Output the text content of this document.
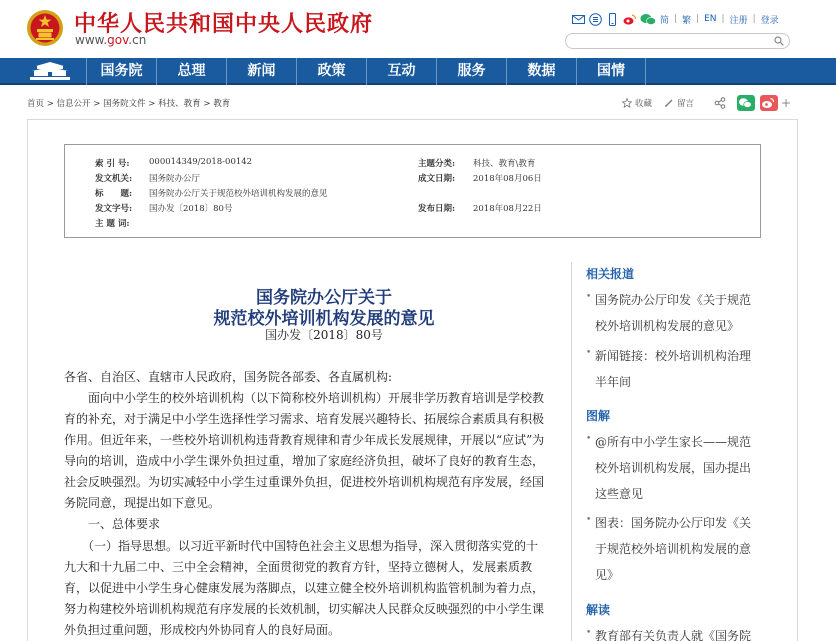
中华人民共和国中央人民政府
www.gov.cn
简 | 繁 | EN | 注册 | 登录
国务院	总理	新闻	政策	互动	服务	数据	国情
首页 > 信息公开 > 国务院文件 > 科技、教育 > 教育	收藏	留言	+
索 引 号: 000014349/2018-00142	主题分类: 科技、教育\教育
发文机关: 国务院办公厅	成文日期: 2018年08月06日
标　　题: 国务院办公厅关于规范校外培训机构发展的意见
发文字号: 国办发〔2018〕80号	发布日期: 2018年08月22日
主 题 词:
国务院办公厅关于
规范校外培训机构发展的意见
国办发〔2018〕80号
各省、自治区、直辖市人民政府，国务院各部委、各直属机构:
　　面向中小学生的校外培训机构（以下简称校外培训机构）开展非学历教育培训是学校教
育的补充，对于满足中小学生选择性学习需求、培育发展兴趣特长、拓展综合素质具有积极
作用。但近年来，一些校外培训机构违背教育规律和青少年成长发展规律，开展以“应试”为
导向的培训，造成中小学生课外负担过重，增加了家庭经济负担，破坏了良好的教育生态，
社会反映强烈。为切实减轻中小学生过重课外负担，促进校外培训机构规范有序发展，经国
务院同意，现提出如下意见。
　　一、总体要求
　　（一）指导思想。以习近平新时代中国特色社会主义思想为指导，深入贯彻落实党的十
九大和十九届二中、三中全会精神，全面贯彻党的教育方针，坚持立德树人，发展素质教
育，以促进中小学生身心健康发展为落脚点，以建立健全校外培训机构监管机制为着力点，
努力构建校外培训机构规范有序发展的长效机制，切实解决人民群众反映强烈的中小学生课
外负担过重问题，形成校内外协同育人的良好局面。
相关报道
• 国务院办公厅印发《关于规范
校外培训机构发展的意见》
• 新闻链接：校外培训机构治理
半年间
图解
• @所有中小学生家长——规范
校外培训机构发展，国办提出
这些意见
• 图表：国务院办公厅印发《关
于规范校外培训机构发展的意
见》
解读
• 教育部有关负责人就《国务院
